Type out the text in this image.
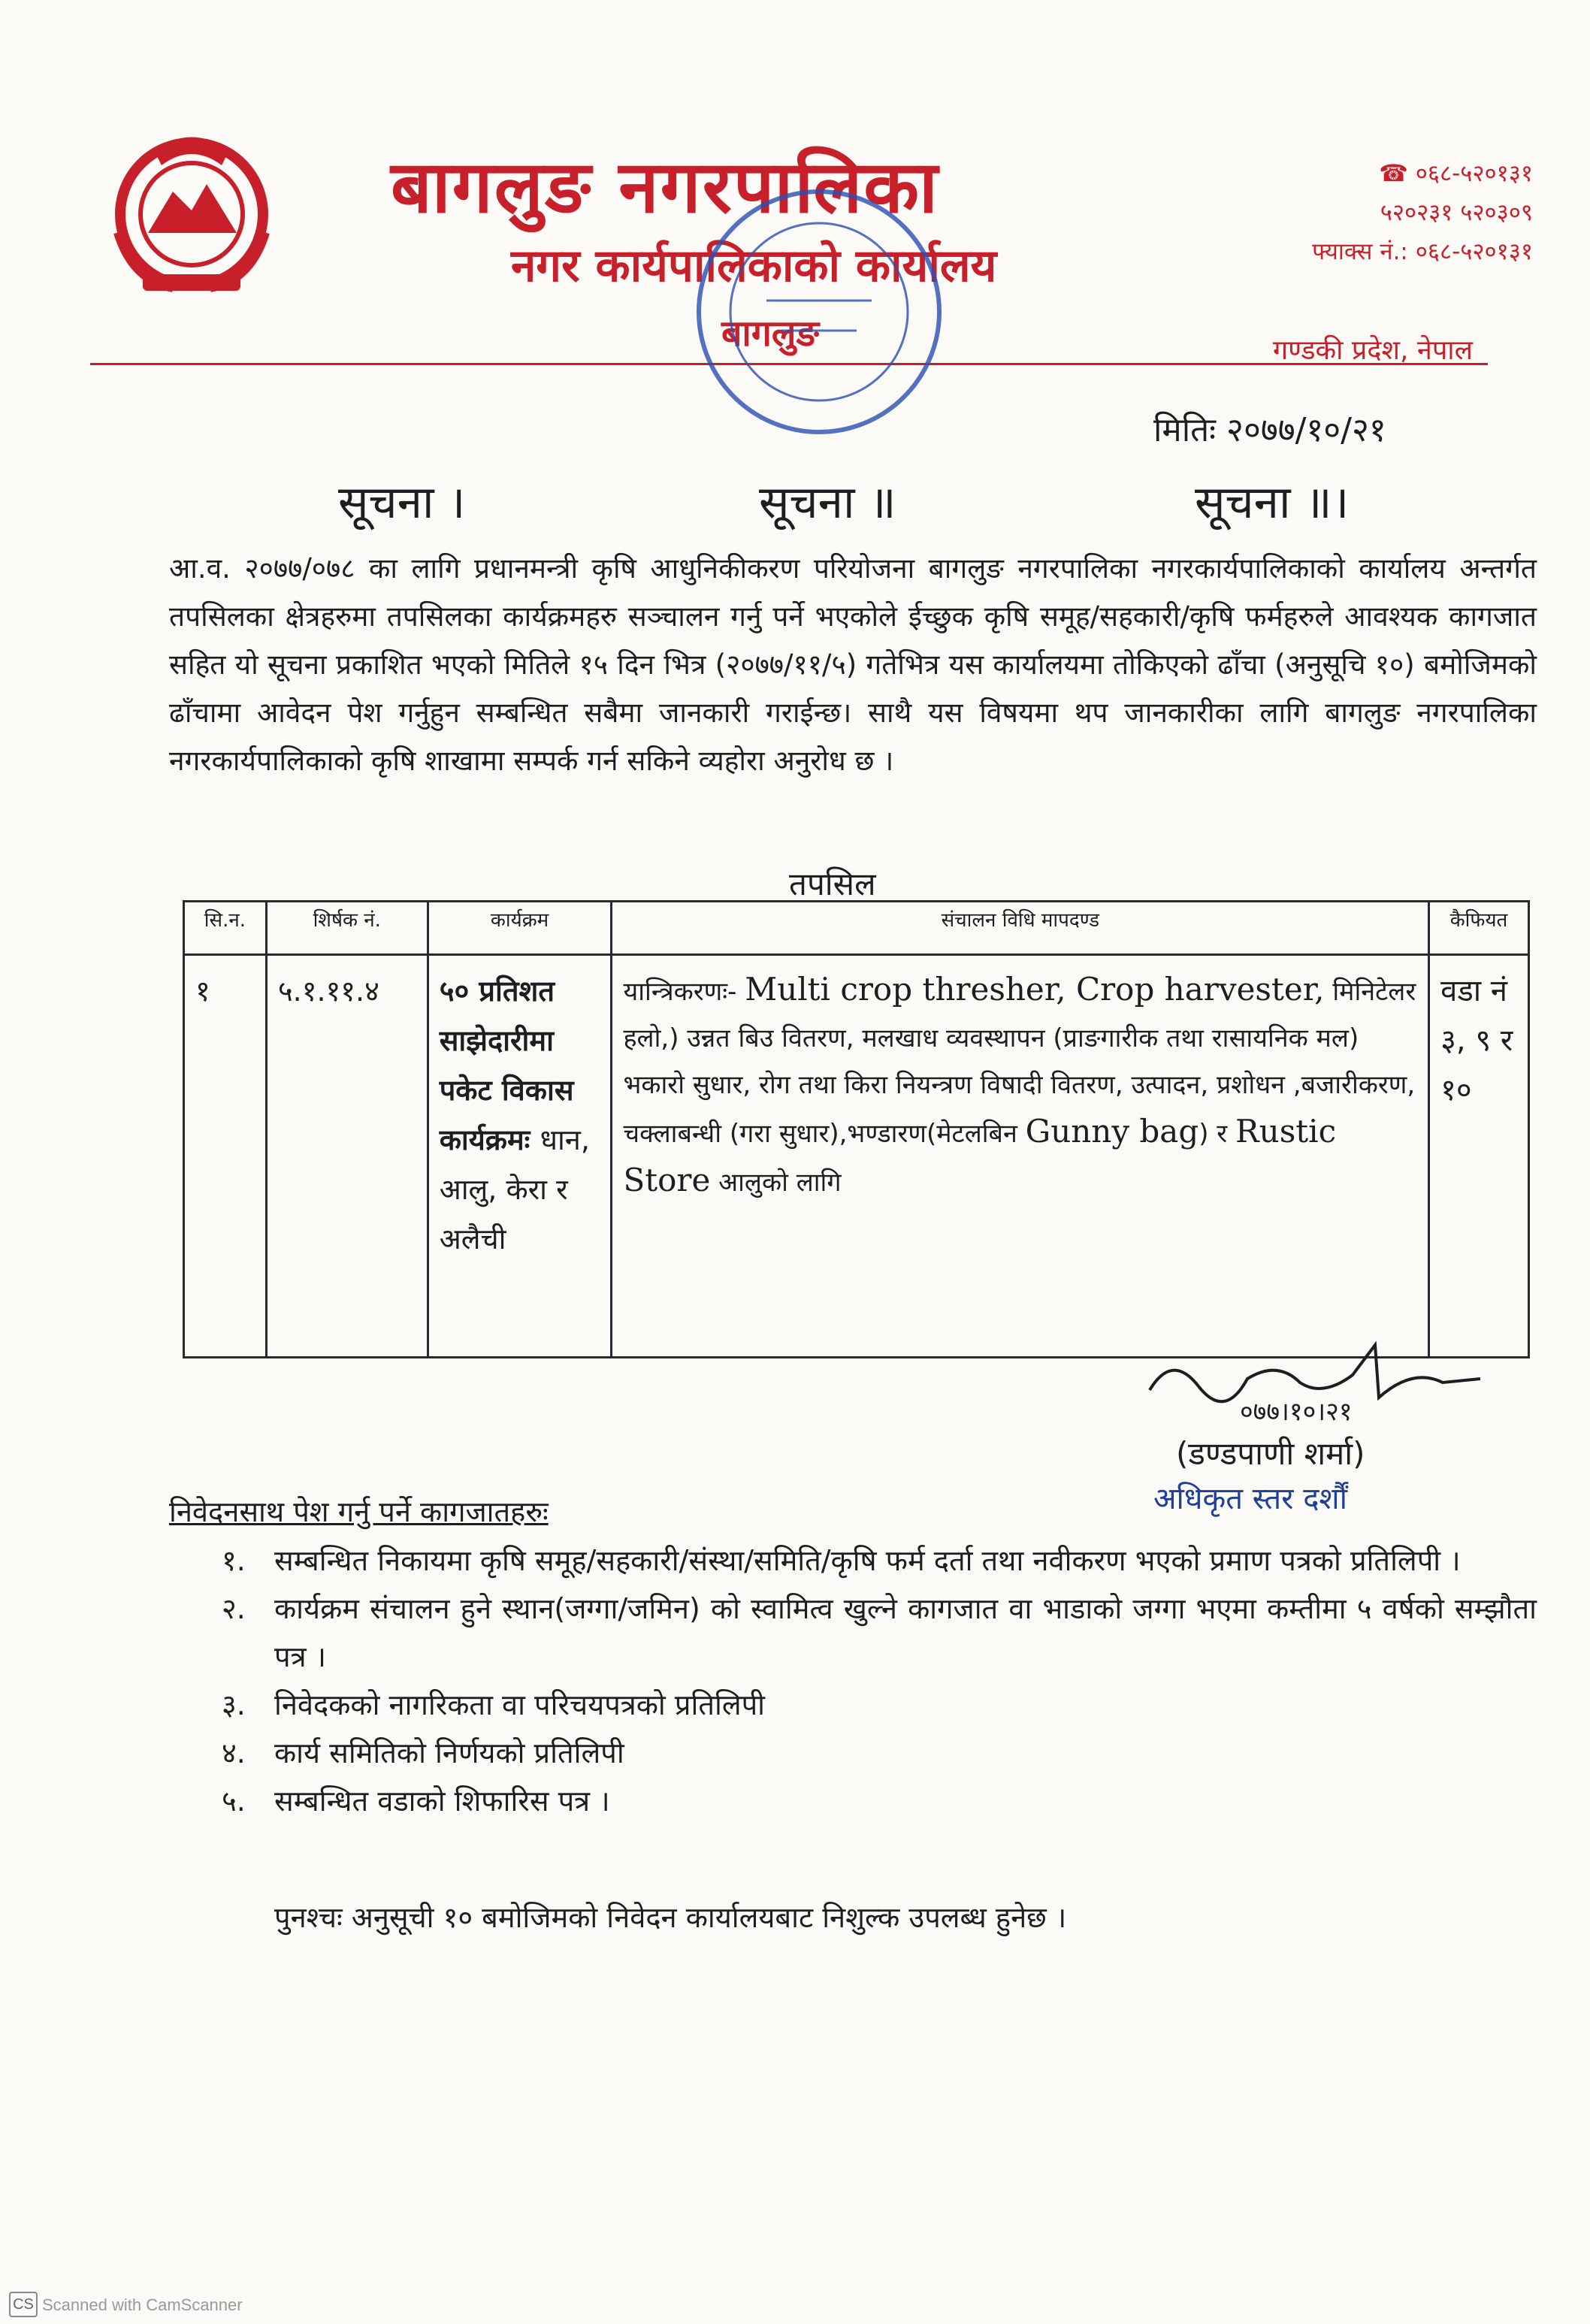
बागलुङ नगरपालिका
नगर कार्यपालिकाको कार्यालय
बागलुङ
☎ ०६८-५२०१३१
५२०२३१ ५२०३०९
फ्याक्स नं.: ०६८-५२०१३१
गण्डकी प्रदेश, नेपाल
मितिः २०७७/१०/२१
सूचना ।	सूचना ॥	सूचना ॥।
आ.व. २०७७/०७८ का लागि प्रधानमन्त्री कृषि आधुनिकीकरण परियोजना बागलुङ नगरपालिका नगरकार्यपालिकाको कार्यालय अन्तर्गत तपसिलका क्षेत्रहरुमा तपसिलका कार्यक्रमहरु सञ्चालन गर्नु पर्ने भएकोले ईच्छुक कृषि समूह/सहकारी/कृषि फर्महरुले आवश्यक कागजात सहित यो सूचना प्रकाशित भएको मितिले १५ दिन भित्र (२०७७/११/५) गतेभित्र यस कार्यालयमा तोकिएको ढाँचा (अनुसूचि १०) बमोजिमको ढाँचामा आवेदन पेश गर्नुहुन सम्बन्धित सबैमा जानकारी गराईन्छ। साथै यस विषयमा थप जानकारीका लागि बागलुङ नगरपालिका नगरकार्यपालिकाको कृषि शाखामा सम्पर्क गर्न सकिने व्यहोरा अनुरोध छ ।
तपसिल
सि.न.	शिर्षक नं.	कार्यक्रम	संचालन विधि मापदण्ड	कैफियत
१	५.१.११.४	५० प्रतिशत साझेदारीमा पकेट विकास कार्यक्रमः धान, आलु, केरा र अलैची	यान्त्रिकरणः- Multi crop thresher, Crop harvester, मिनिटेलर हलो,) उन्नत बिउ वितरण, मलखाध व्यवस्थापन (प्राङगारीक तथा रासायनिक मल) भकारो सुधार, रोग तथा किरा नियन्त्रण विषादी वितरण, उत्पादन, प्रशोधन ,बजारीकरण, चक्लाबन्धी (गरा सुधार),भण्डारण(मेटलबिन Gunny bag) र Rustic Store आलुको लागि	वडा नं ३, ९ र १०
०७७।१०।२१
(डण्डपाणी शर्मा)
अधिकृत स्तर दर्शौं
निवेदनसाथ पेश गर्नु पर्ने कागजातहरुः
१.	सम्बन्धित निकायमा कृषि समूह/सहकारी/संस्था/समिति/कृषि फर्म दर्ता तथा नवीकरण भएको प्रमाण पत्रको प्रतिलिपी ।
२.	कार्यक्रम संचालन हुने स्थान(जग्गा/जमिन) को स्वामित्व खुल्ने कागजात वा भाडाको जग्गा भएमा कम्तीमा ५ वर्षको सम्झौता पत्र ।
३.	निवेदकको नागरिकता वा परिचयपत्रको प्रतिलिपी
४.	कार्य समितिको निर्णयको प्रतिलिपी
५.	सम्बन्धित वडाको शिफारिस पत्र ।
पुनश्चः अनुसूची १० बमोजिमको निवेदन कार्यालयबाट निशुल्क उपलब्ध हुनेछ ।
CS Scanned with CamScanner
